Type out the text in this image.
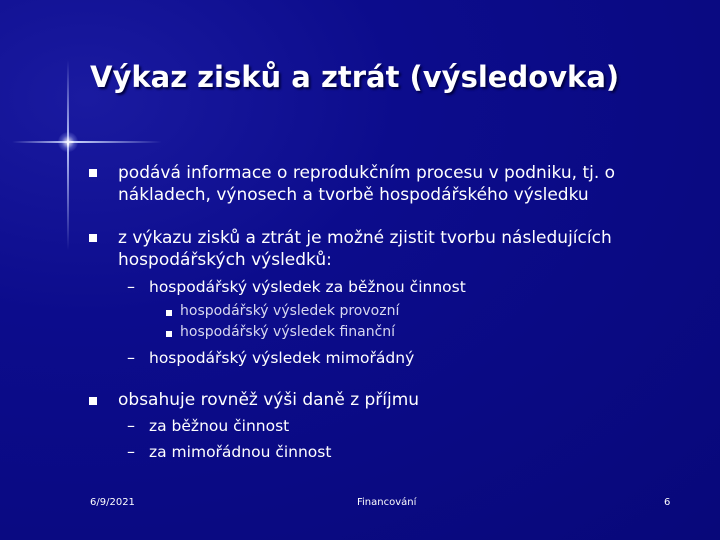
Výkaz zisků a ztrát (výsledovka)
podává informace o reprodukčním procesu v podniku, tj. o nákladech, výnosech a tvorbě hospodářského výsledku
z výkazu zisků a ztrát je možné zjistit tvorbu následujících hospodářských výsledků:
– hospodářský výsledek za běžnou činnost
hospodářský výsledek provozní
hospodářský výsledek finanční
– hospodářský výsledek mimořádný
obsahuje rovněž výši daně z příjmu
– za běžnou činnost
– za mimořádnou činnost
6/9/2021	Financování	6
